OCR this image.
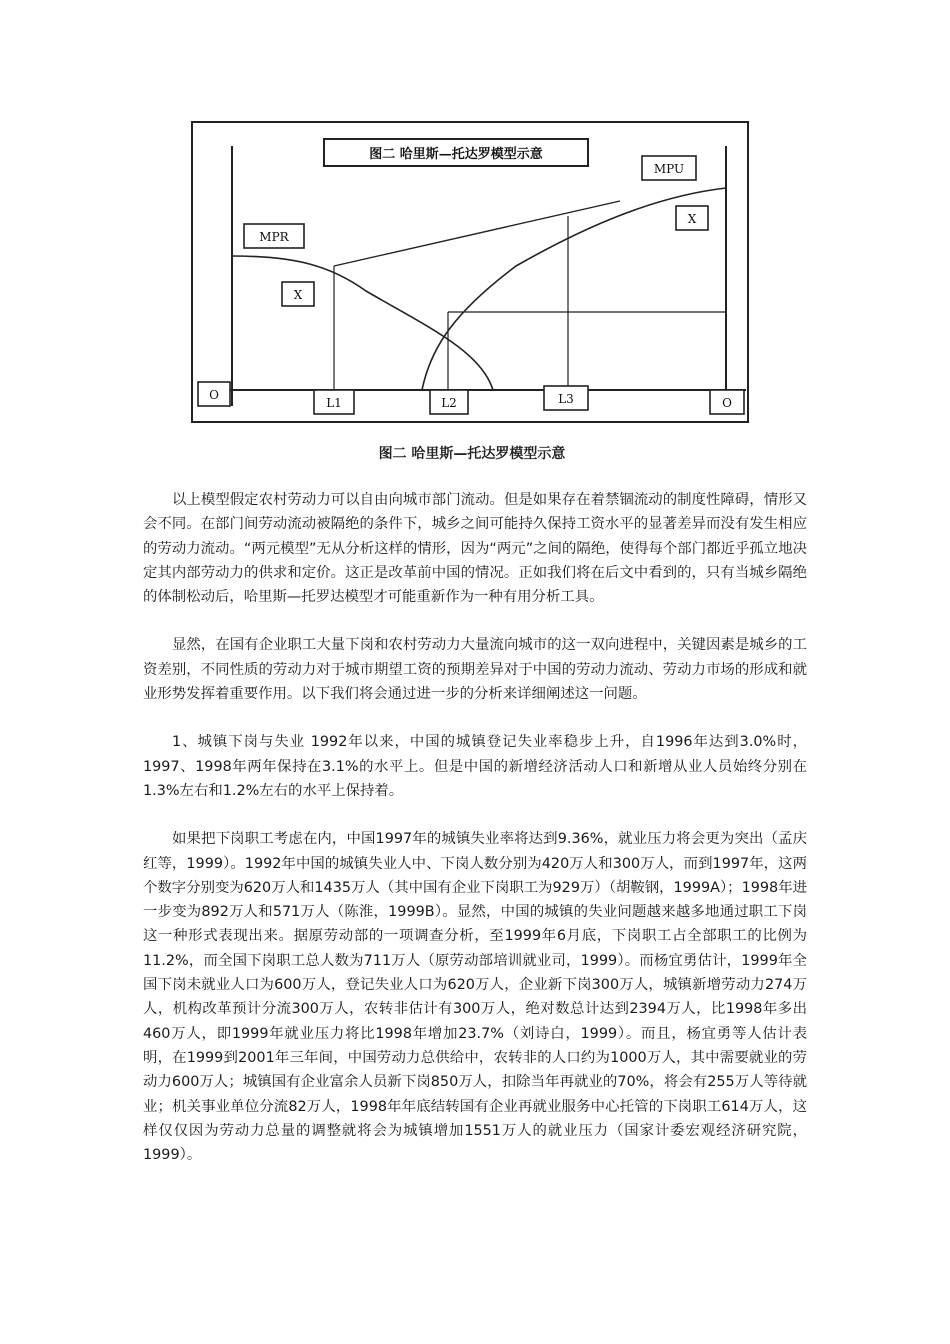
图二 哈里斯—托达罗模型示意
MPR
MPU
X
X
O
O
L1	L2	L3
图二 哈里斯—托达罗模型示意

以上模型假定农村劳动力可以自由向城市部门流动。但是如果存在着禁锢流动的制度性障碍，情形又会不同。在部门间劳动流动被隔绝的条件下，城乡之间可能持久保持工资水平的显著差异而没有发生相应的劳动力流动。“两元模型”无从分析这样的情形，因为“两元”之间的隔绝，使得每个部门都近乎孤立地决定其内部劳动力的供求和定价。这正是改革前中国的情况。正如我们将在后文中看到的，只有当城乡隔绝的体制松动后，哈里斯—托罗达模型才可能重新作为一种有用分析工具。

显然，在国有企业职工大量下岗和农村劳动力大量流向城市的这一双向进程中，关键因素是城乡的工资差别，不同性质的劳动力对于城市期望工资的预期差异对于中国的劳动力流动、劳动力市场的形成和就业形势发挥着重要作用。以下我们将会通过进一步的分析来详细阐述这一问题。

1、城镇下岗与失业 1992年以来，中国的城镇登记失业率稳步上升，自1996年达到3.0%时，1997、1998年两年保持在3.1%的水平上。但是中国的新增经济活动人口和新增从业人员始终分别在1.3%左右和1.2%左右的水平上保持着。

如果把下岗职工考虑在内，中国1997年的城镇失业率将达到9.36%，就业压力将会更为突出（孟庆红等，1999）。1992年中国的城镇失业人中、下岗人数分别为420万人和300万人，而到1997年，这两个数字分别变为620万人和1435万人（其中国有企业下岗职工为929万）（胡鞍钢，1999A）；1998年进一步变为892万人和571万人（陈淮，1999B）。显然，中国的城镇的失业问题越来越多地通过职工下岗这一种形式表现出来。据原劳动部的一项调查分析，至1999年6月底，下岗职工占全部职工的比例为11.2%，而全国下岗职工总人数为711万人（原劳动部培训就业司，1999）。而杨宜勇估计，1999年全国下岗未就业人口为600万人，登记失业人口为620万人，企业新下岗300万人，城镇新增劳动力274万人，机构改革预计分流300万人，农转非估计有300万人，绝对数总计达到2394万人，比1998年多出460万人，即1999年就业压力将比1998年增加23.7%（刘诗白，1999）。而且，杨宜勇等人估计表明，在1999到2001年三年间，中国劳动力总供给中，农转非的人口约为1000万人，其中需要就业的劳动力600万人；城镇国有企业富余人员新下岗850万人，扣除当年再就业的70%，将会有255万人等待就业；机关事业单位分流82万人，1998年年底结转国有企业再就业服务中心托管的下岗职工614万人，这样仅仅因为劳动力总量的调整就将会为城镇增加1551万人的就业压力（国家计委宏观经济研究院，1999）。
